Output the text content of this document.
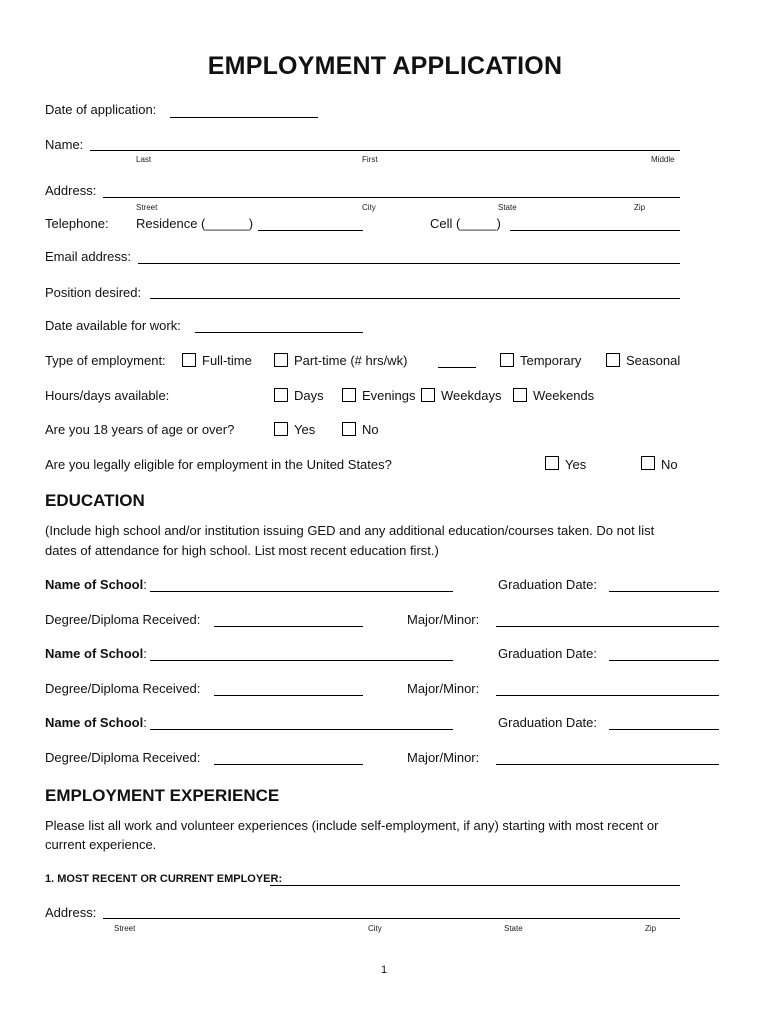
EMPLOYMENT APPLICATION
Date of application:
Name:
Last	First	Middle
Address:
Street	City	State	Zip
Telephone: Residence (______)	Cell (_____)
Email address:
Position desired:
Date available for work:
Type of employment:	Full-time	Part-time (# hrs/wk)	Temporary	Seasonal
Hours/days available:	Days	Evenings Weekdays Weekends
Are you 18 years of age or over?	Yes	No
Are you legally eligible for employment in the United States?	Yes	No
EDUCATION
(Include high school and/or institution issuing GED and any additional education/courses taken. Do not list
dates of attendance for high school. List most recent education first.)
Name of School:	Graduation Date:
Degree/Diploma Received:	Major/Minor:
Name of School:	Graduation Date:
Degree/Diploma Received:	Major/Minor:
Name of School:	Graduation Date:
Degree/Diploma Received:	Major/Minor:
EMPLOYMENT EXPERIENCE
Please list all work and volunteer experiences (include self-employment, if any) starting with most recent or
current experience.
1. MOST RECENT OR CURRENT EMPLOYER:
Address:
Street	City	State	Zip
1
